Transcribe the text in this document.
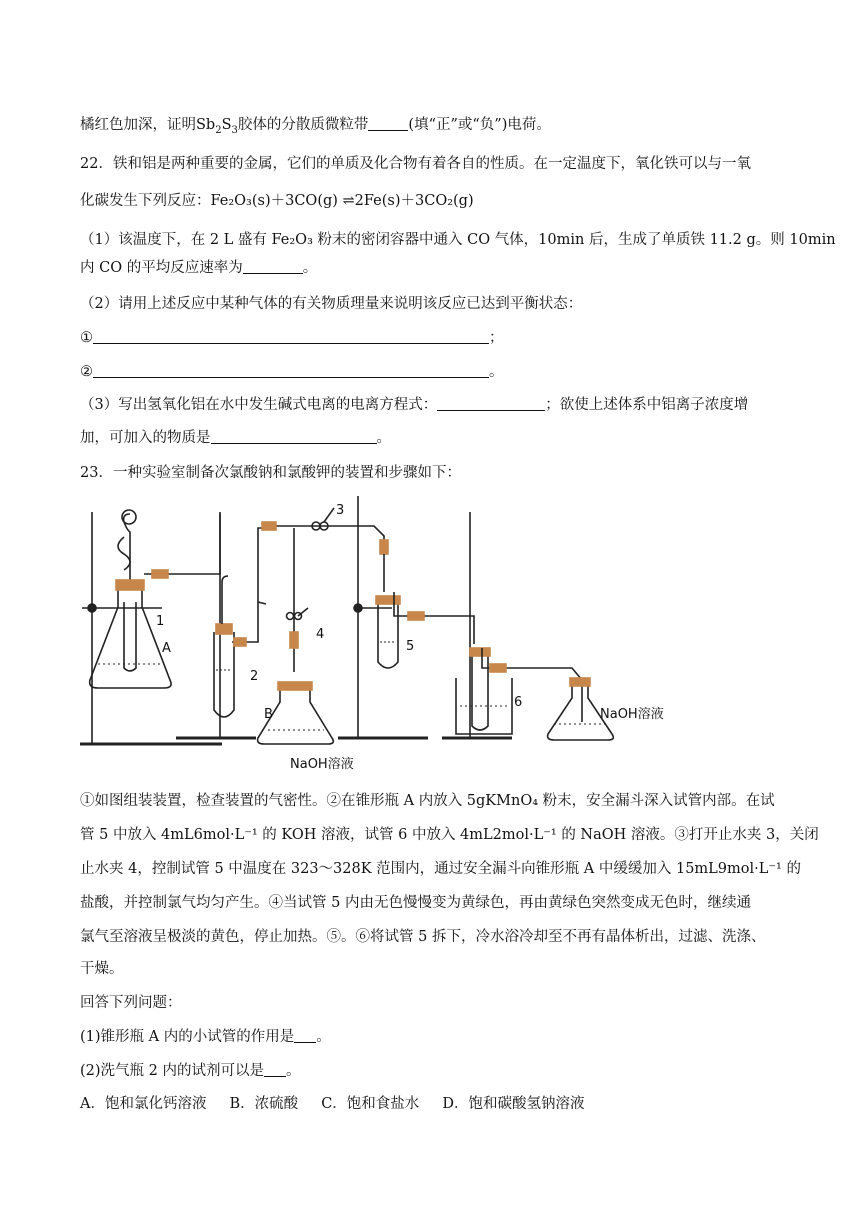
橘红色加深，证明$Sb_2S_3$胶体的分散质微粒带	(填“正”或“负”)电荷。
22．铁和铝是两种重要的金属，它们的单质及化合物有着各自的性质。在一定温度下，氧化铁可以与一氧
化碳发生下列反应：Fe₂O₃(s)＋3CO(g) ⇌2Fe(s)＋3CO₂(g)
（1）该温度下，在 2 L 盛有 Fe₂O₃ 粉末的密闭容器中通入 CO 气体，10min 后，生成了单质铁 11.2 g。则 10min
内 CO 的平均反应速率为	。
（2）请用上述反应中某种气体的有关物质理量来说明该反应已达到平衡状态：
①	；
②	。
（3）写出氢氧化铝在水中发生碱式电离的电离方程式：	；欲使上述体系中铝离子浓度增
加，可加入的物质是	。
23．一种实验室制备次氯酸钠和氯酸钾的装置和步骤如下：
1
A
2
B
3
4
5
6
NaOH溶液
NaOH溶液
①如图组装装置，检查装置的气密性。②在锥形瓶 A 内放入 5gKMnO₄ 粉末，安全漏斗深入试管内部。在试
管 5 中放入 4mL6mol·L⁻¹ 的 KOH 溶液，试管 6 中放入 4mL2mol·L⁻¹ 的 NaOH 溶液。③打开止水夹 3，关闭
止水夹 4，控制试管 5 中温度在 323～328K 范围内，通过安全漏斗向锥形瓶 A 中缓缓加入 15mL9mol·L⁻¹ 的
盐酸，并控制氯气均匀产生。④当试管 5 内由无色慢慢变为黄绿色，再由黄绿色突然变成无色时，继续通
氯气至溶液呈极淡的黄色，停止加热。⑤。⑥将试管 5 拆下，冷水浴冷却至不再有晶体析出，过滤、洗涤、
干燥。
回答下列问题：
(1)锥形瓶 A 内的小试管的作用是 。
(2)洗气瓶 2 内的试剂可以是 。
A．饱和氯化钙溶液     B．浓硫酸     C．饱和食盐水     D．饱和碳酸氢钠溶液
